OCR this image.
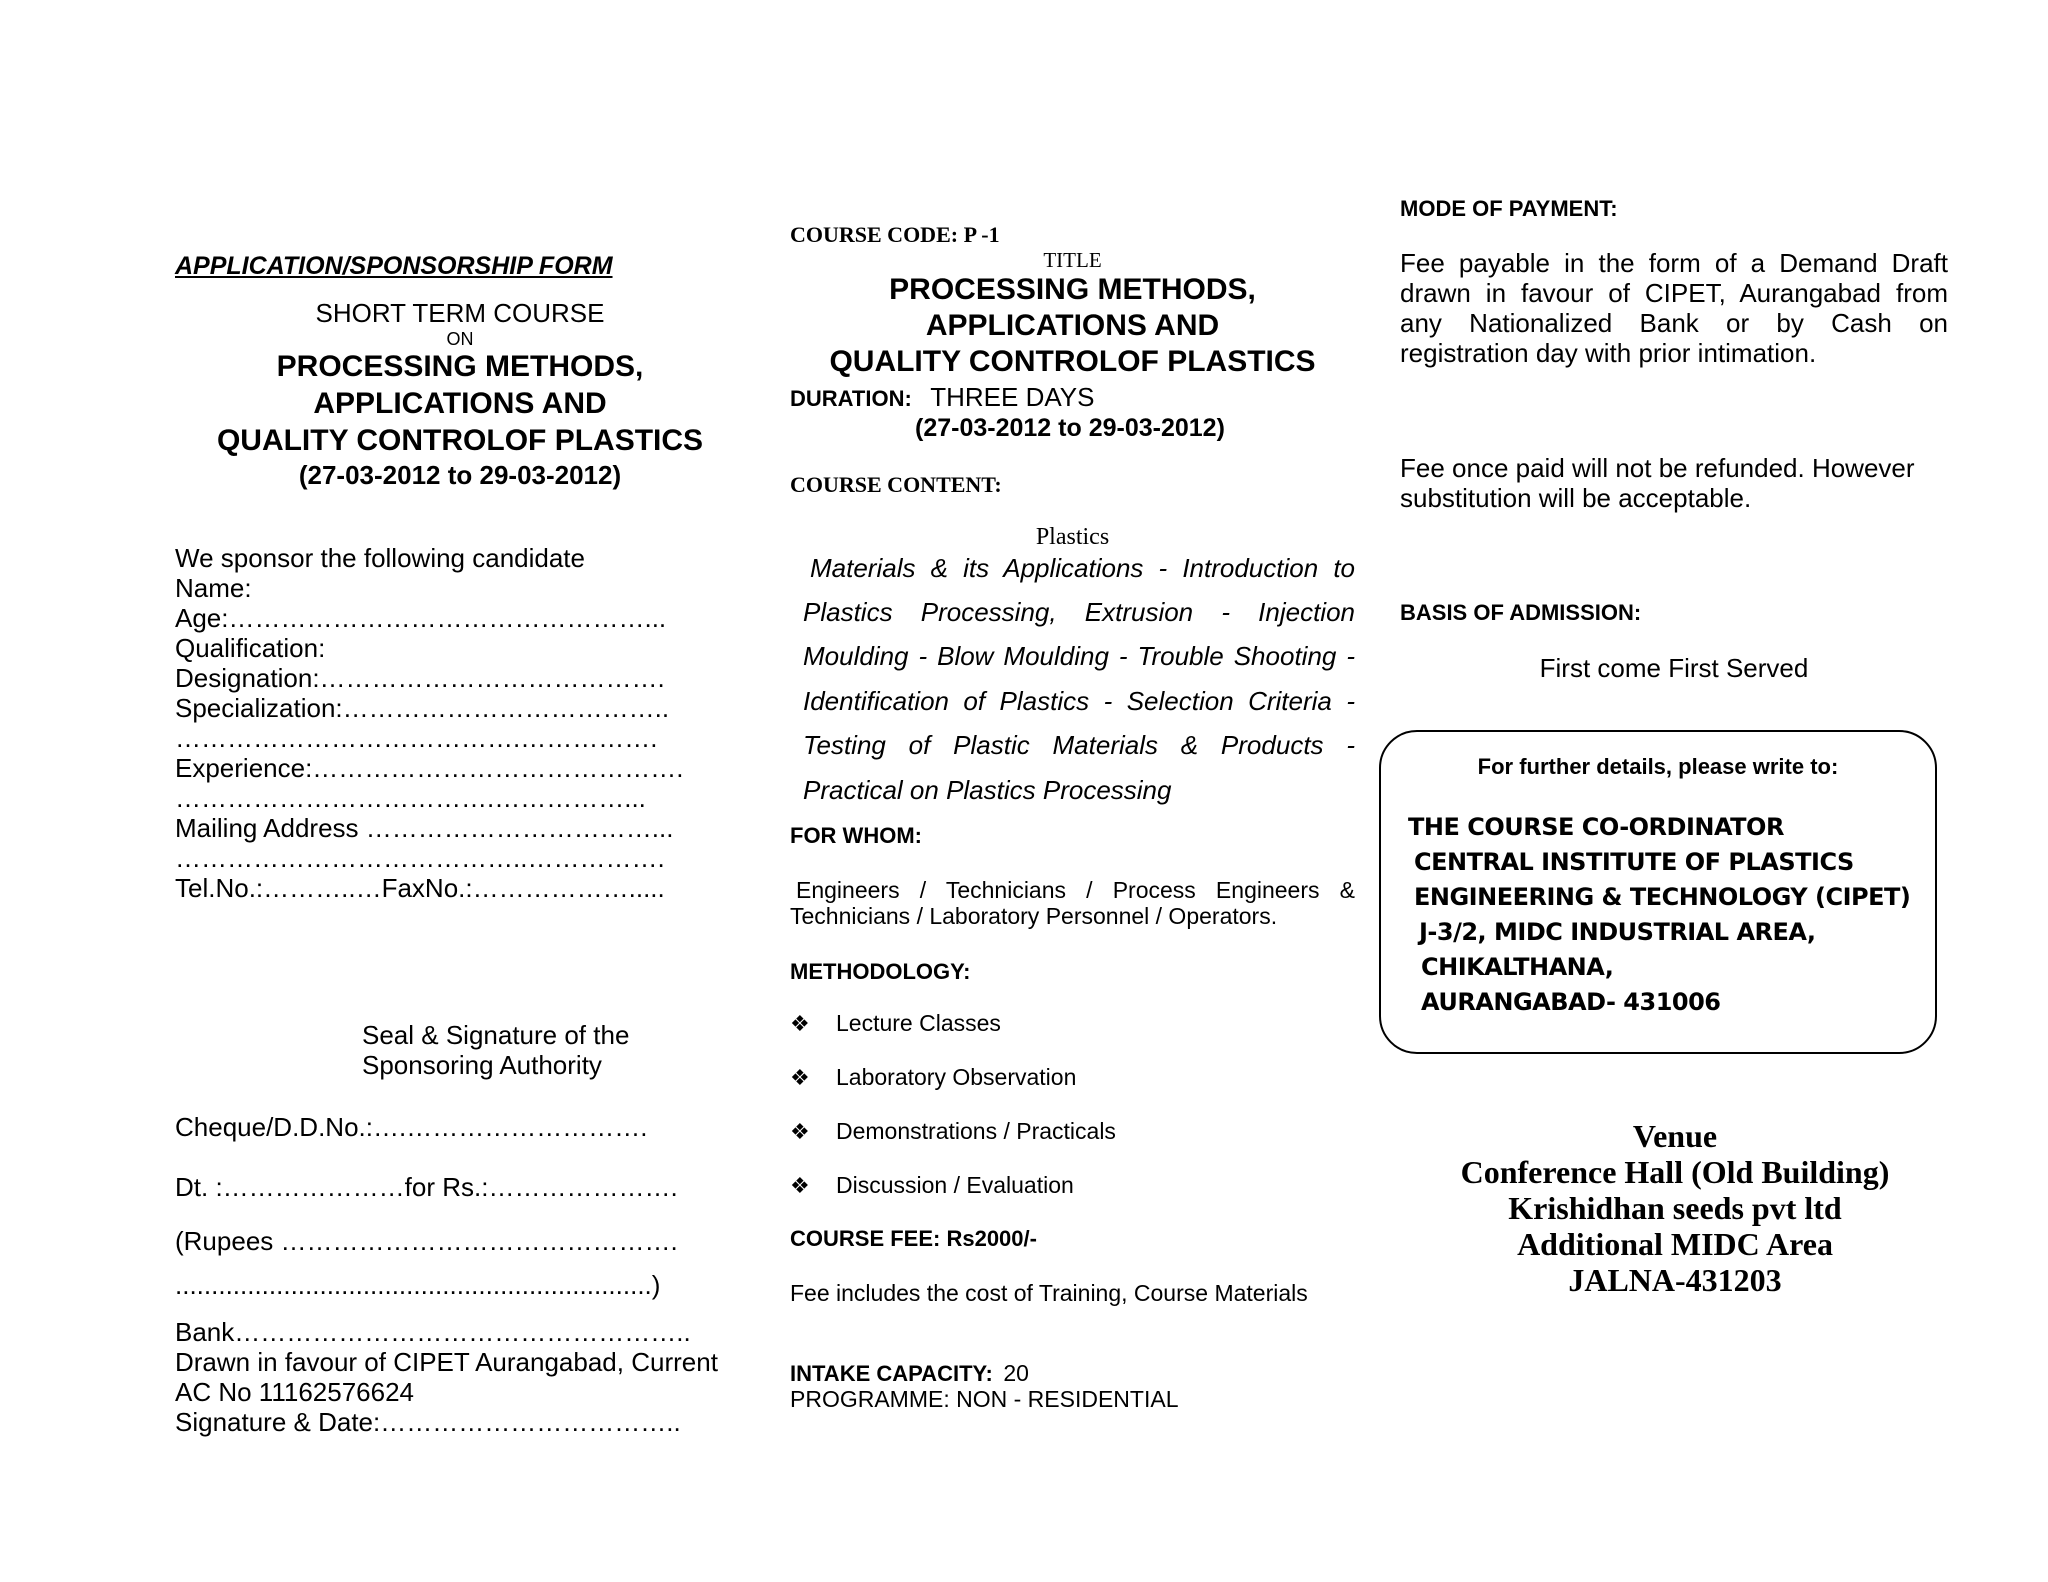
APPLICATION/SPONSORSHIP FORM
SHORT TERM COURSE
ON
PROCESSING METHODS,
APPLICATIONS AND
QUALITY CONTROLOF PLASTICS
(27-03-2012 to 29-03-2012)
We sponsor the following candidate
Name:
Age:…………………………………………...
Qualification:
Designation:………………………………….
Specialization:………………………………..
………………………………….…………….
Experience:…………………………………….
……………………………….……………...
Mailing Address ……………………………...
…………………………………..…………….
Tel.No.:………..…FaxNo.:……………….....
Seal & Signature of the
Sponsoring Authority
Cheque/D.D.No.:….……………………….
Dt. :…………………for Rs.:………………….
(Rupees ……………………………………….
..................................................................)
Bank……………………………………………..
Drawn in favour of CIPET Aurangabad, Current
AC No 11162576624
Signature & Date:……………………………..
COURSE CODE: P -1
TITLE
PROCESSING METHODS,
APPLICATIONS AND
QUALITY CONTROLOF PLASTICS
DURATION: THREE DAYS
(27-03-2012 to 29-03-2012)
COURSE CONTENT:
Plastics
Materials & its Applications - Introduction to
Plastics Processing, Extrusion - Injection
Moulding - Blow Moulding - Trouble Shooting -
Identification of Plastics - Selection Criteria -
Testing of Plastic Materials & Products -
Practical on Plastics Processing
FOR WHOM:
Engineers / Technicians / Process Engineers &
Technicians / Laboratory Personnel / Operators.
METHODOLOGY:
❖ Lecture Classes
❖ Laboratory Observation
❖ Demonstrations / Practicals
❖ Discussion / Evaluation
COURSE FEE: Rs2000/-
Fee includes the cost of Training, Course Materials
INTAKE CAPACITY: 20
PROGRAMME: NON - RESIDENTIAL
MODE OF PAYMENT:
Fee payable in the form of a Demand Draft drawn in favour of CIPET, Aurangabad from any Nationalized Bank or by Cash on registration day with prior intimation.
Fee once paid will not be refunded. However substitution will be acceptable.
BASIS OF ADMISSION:
First come First Served
For further details, please write to:
THE COURSE CO-ORDINATOR
CENTRAL INSTITUTE OF PLASTICS
ENGINEERING & TECHNOLOGY (CIPET)
J-3/2, MIDC INDUSTRIAL AREA,
CHIKALTHANA,
AURANGABAD- 431006
Venue
Conference Hall (Old Building)
Krishidhan seeds pvt ltd
Additional MIDC Area
JALNA-431203
